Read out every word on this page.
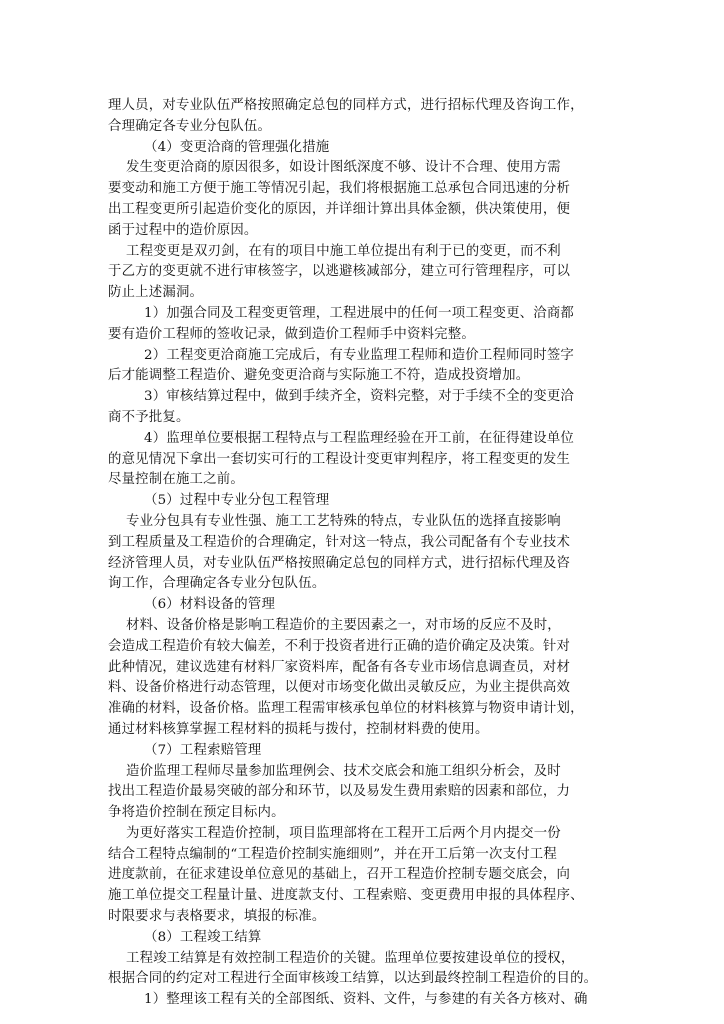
理人员，对专业队伍严格按照确定总包的同样方式，进行招标代理及咨询工作，
合理确定各专业分包队伍。
（4）变更洽商的管理强化措施
发生变更洽商的原因很多，如设计图纸深度不够、设计不合理、使用方需
要变动和施工方便于施工等情况引起，我们将根据施工总承包合同迅速的分析
出工程变更所引起造价变化的原因，并详细计算出具体金额，供决策使用，便
函于过程中的造价原因。
工程变更是双刃剑，在有的项目中施工单位提出有利于已的变更，而不利
于乙方的变更就不进行审核签字，以逃避核减部分，建立可行管理程序，可以
防止上述漏洞。
1）加强合同及工程变更管理，工程进展中的任何一项工程变更、洽商都
要有造价工程师的签收记录，做到造价工程师手中资料完整。
2）工程变更洽商施工完成后，有专业监理工程师和造价工程师同时签字
后才能调整工程造价、避免变更洽商与实际施工不符，造成投资增加。
3）审核结算过程中，做到手续齐全，资料完整，对于手续不全的变更洽
商不予批复。
4）监理单位要根据工程特点与工程监理经验在开工前，在征得建设单位
的意见情况下拿出一套切实可行的工程设计变更审判程序，将工程变更的发生
尽量控制在施工之前。
（5）过程中专业分包工程管理
专业分包具有专业性强、施工工艺特殊的特点，专业队伍的选择直接影响
到工程质量及工程造价的合理确定，针对这一特点，我公司配备有个专业技术
经济管理人员，对专业队伍严格按照确定总包的同样方式，进行招标代理及咨
询工作，合理确定各专业分包队伍。
（6）材料设备的管理
材料、设备价格是影响工程造价的主要因素之一，对市场的反应不及时，
会造成工程造价有较大偏差，不利于投资者进行正确的造价确定及决策。针对
此种情况，建议选建有材料厂家资料库，配备有各专业市场信息调查员，对材
料、设备价格进行动态管理，以便对市场变化做出灵敏反应，为业主提供高效
准确的材料，设备价格。监理工程需审核承包单位的材料核算与物资申请计划，
通过材料核算掌握工程材料的损耗与拨付，控制材料费的使用。
（7）工程索赔管理
造价监理工程师尽量参加监理例会、技术交底会和施工组织分析会，及时
找出工程造价最易突破的部分和环节，以及易发生费用索赔的因素和部位，力
争将造价控制在预定目标内。
为更好落实工程造价控制，项目监理部将在工程开工后两个月内提交一份
结合工程特点编制的“工程造价控制实施细则”，并在开工后第一次支付工程
进度款前，在征求建设单位意见的基础上，召开工程造价控制专题交底会，向
施工单位提交工程量计量、进度款支付、工程索赔、变更费用申报的具体程序、
时限要求与表格要求，填报的标准。
（8）工程竣工结算
工程竣工结算是有效控制工程造价的关键。监理单位要按建设单位的授权，
根据合同的约定对工程进行全面审核竣工结算，以达到最终控制工程造价的目的。
1）整理该工程有关的全部图纸、资料、文件，与参建的有关各方核对、确
